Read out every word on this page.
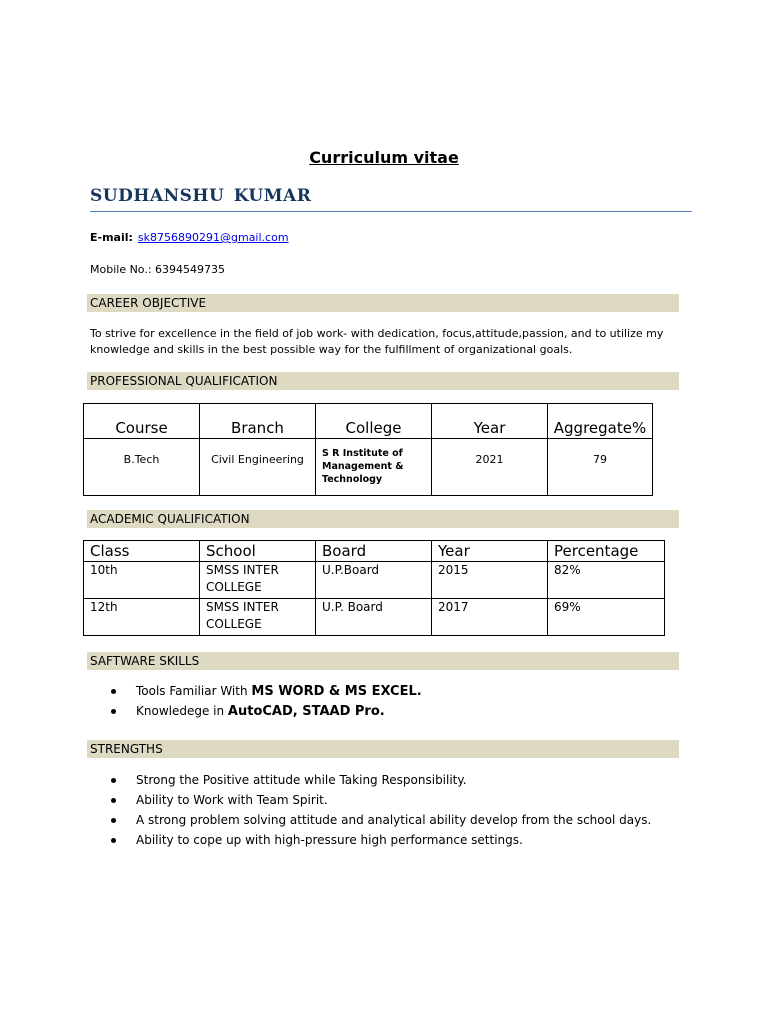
Curriculum vitae
SUDHANSHU KUMAR
E-mail: sk8756890291@gmail.com
Mobile No.: 6394549735
CAREER OBJECTIVE
To strive for excellence in the field of job work- with dedication, focus,attitude,passion, and to utilize my knowledge and skills in the best possible way for the fulfillment of organizational goals.
PROFESSIONAL QUALIFICATION
Course	Branch	College	Year	Aggregate%
B.Tech	Civil Engineering	S R Institute of Management & Technology	2021	79
ACADEMIC QUALIFICATION
Class	School	Board	Year	Percentage
10th	SMSS INTER COLLEGE	U.P.Board	2015	82%
12th	SMSS INTER COLLEGE	U.P. Board	2017	69%
SAFTWARE SKILLS
Tools Familiar With MS WORD & MS EXCEL.
Knowledege in AutoCAD, STAAD Pro.
STRENGTHS
Strong the Positive attitude while Taking Responsibility.
Ability to Work with Team Spirit.
A strong problem solving attitude and analytical ability develop from the school days.
Ability to cope up with high-pressure high performance settings.
